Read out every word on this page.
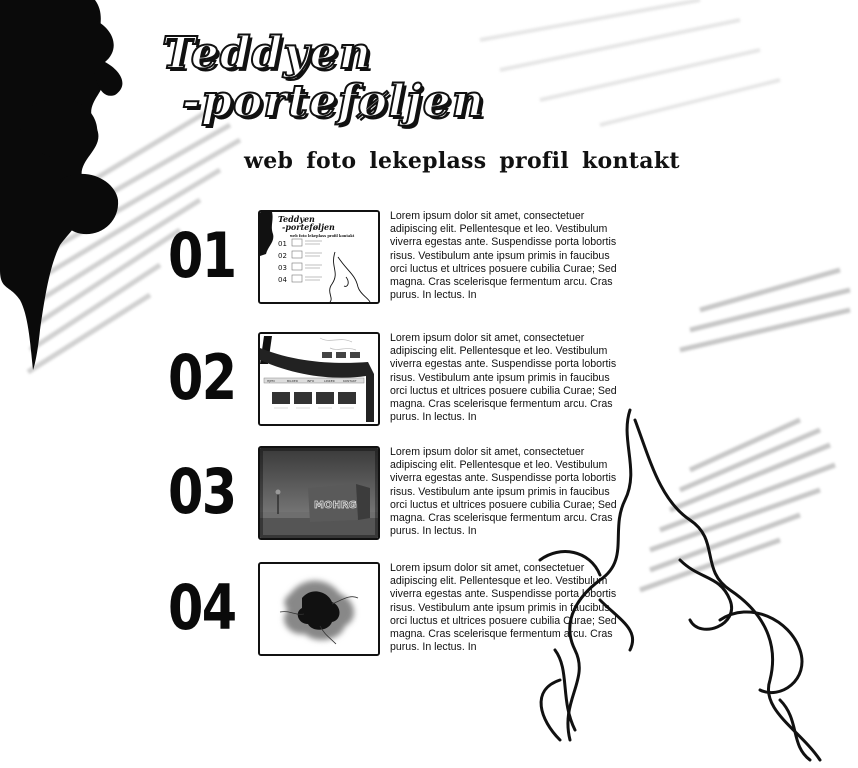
Teddyen
-porteføljen
web foto lekeplass profil kontakt
01	Teddyen
-porteføljen
web foto lekeplass profil kontakt
01
02
03
04
Lorem ipsum dolor sit amet, consectetuer adipiscing elit. Pellentesque et leo. Vestibulum viverra egestas ante. Suspendisse porta lobortis risus. Vestibulum ante ipsum primis in faucibus orci luctus et ultrices posuere cubilia Curae; Sed magna. Cras scelerisque fermentum arcu. Cras purus. In lectus. In
02	HJEM	BILDER	INFO	LINKER	KONTAKT
Lorem ipsum dolor sit amet, consectetuer adipiscing elit. Pellentesque et leo. Vestibulum viverra egestas ante. Suspendisse porta lobortis risus. Vestibulum ante ipsum primis in faucibus orci luctus et ultrices posuere cubilia Curae; Sed magna. Cras scelerisque fermentum arcu. Cras purus. In lectus. In
03	MOHRG
Lorem ipsum dolor sit amet, consectetuer adipiscing elit. Pellentesque et leo. Vestibulum viverra egestas ante. Suspendisse porta lobortis risus. Vestibulum ante ipsum primis in faucibus orci luctus et ultrices posuere cubilia Curae; Sed magna. Cras scelerisque fermentum arcu. Cras purus. In lectus. In
04
Lorem ipsum dolor sit amet, consectetuer adipiscing elit. Pellentesque et leo. Vestibulum viverra egestas ante. Suspendisse porta lobortis risus. Vestibulum ante ipsum primis in faucibus orci luctus et ultrices posuere cubilia Curae; Sed magna. Cras scelerisque fermentum arcu. Cras purus. In lectus. In
